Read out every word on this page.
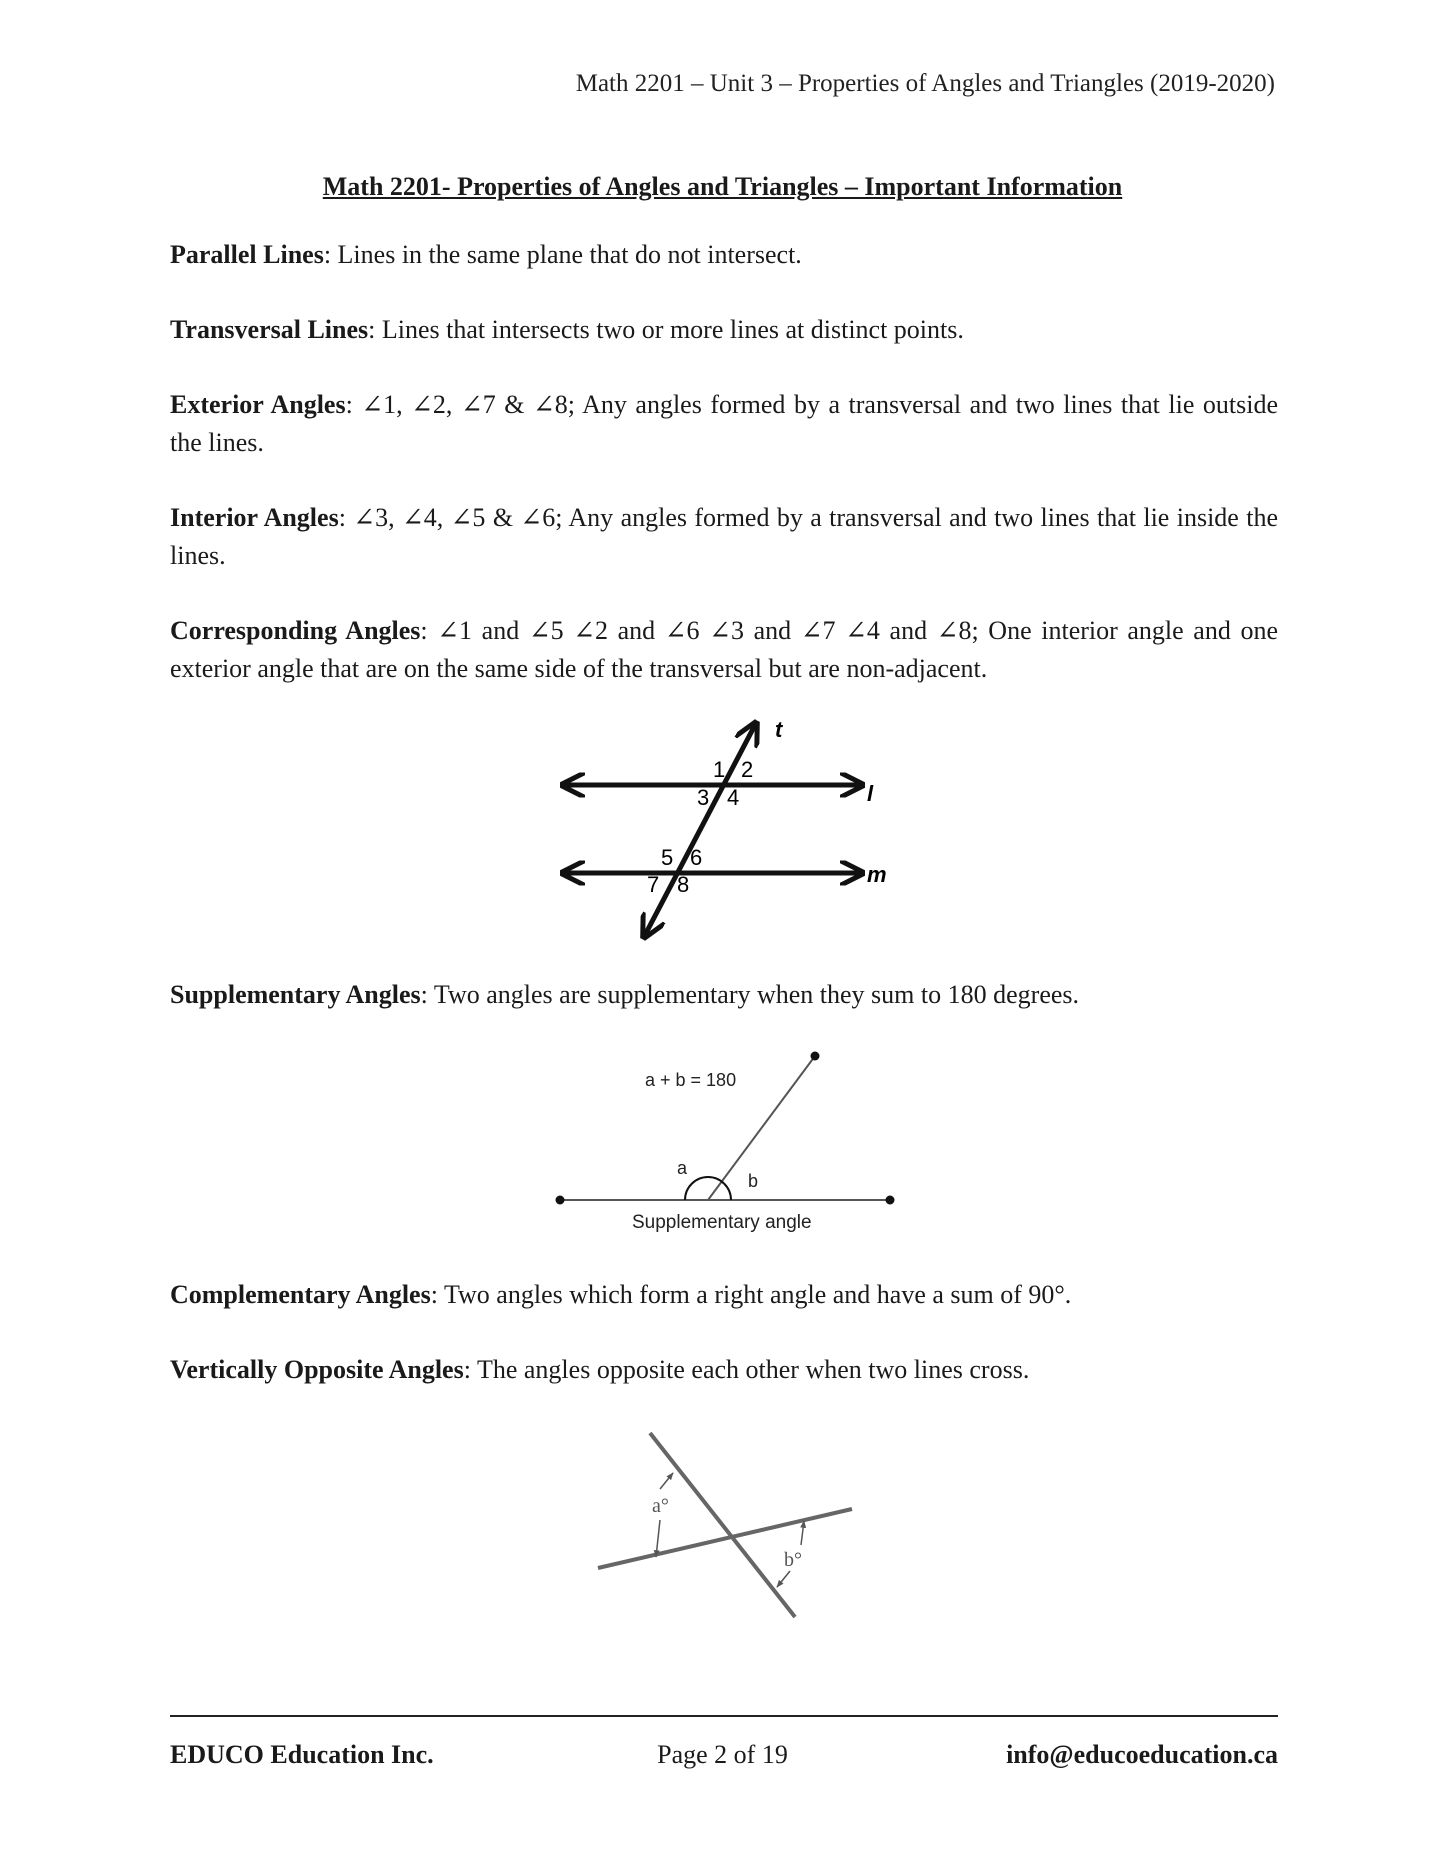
Math 2201 – Unit 3 – Properties of Angles and Triangles (2019-2020)
Math 2201- Properties of Angles and Triangles – Important Information
Parallel Lines: Lines in the same plane that do not intersect.
Transversal Lines: Lines that intersects two or more lines at distinct points.
Exterior Angles: ∠1, ∠2, ∠7 & ∠8; Any angles formed by a transversal and two lines that lie outside the lines.
Interior Angles: ∠3, ∠4, ∠5 & ∠6; Any angles formed by a transversal and two lines that lie inside the lines.
Corresponding Angles: ∠1 and ∠5 ∠2 and ∠6 ∠3 and ∠7 ∠4 and ∠8; One interior angle and one exterior angle that are on the same side of the transversal but are non-adjacent.
t
l
m
1 2
3 4
5 6
7 8
Supplementary Angles: Two angles are supplementary when they sum to 180 degrees.
a + b = 180
a
b
Supplementary angle
Complementary Angles: Two angles which form a right angle and have a sum of 90°.
Vertically Opposite Angles: The angles opposite each other when two lines cross.
a°
b°
EDUCO Education Inc.	Page 2 of 19	info@educoeducation.ca
